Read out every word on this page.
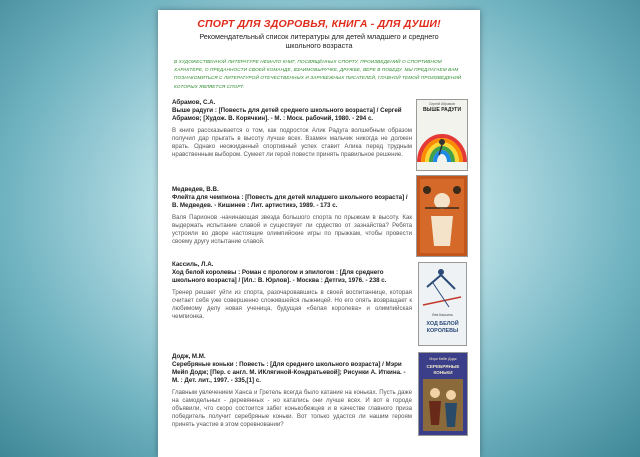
СПОРТ ДЛЯ ЗДОРОВЬЯ, КНИГА - ДЛЯ ДУШИ!
Рекомендательный список литературы для детей младшего и среднего школьного возраста
В ХУДОЖЕСТВЕННОЙ ЛИТЕРАТУРЕ НЕМАЛО КНИГ, ПОСВЯЩЁННЫХ СПОРТУ, ПРОИЗВЕДЕНИЙ О СПОРТИВНОМ ХАРАКТЕРЕ, О ПРЕДАННОСТИ СВОЕЙ КОМАНДЕ, ВЗАИМОВЫРУЧКЕ, ДРУЖБЕ, ВЕРЕ В ПОБЕДУ. МЫ ПРЕДЛАГАЕМ ВАМ ПОЗНАКОМИТЬСЯ С ЛИТЕРАТУРОЙ ОТЕЧЕСТВЕННЫХ И ЗАРУБЕЖНЫХ ПИСАТЕЛЕЙ, ГЛАВНОЙ ТЕМОЙ ПРОИЗВЕДЕНИЙ КОТОРЫХ ЯВЛЯЕТСЯ СПОРТ.
Абрамов, С.А.
Выше радуги : [Повесть для детей среднего школьного возраста] / Сергей Абрамов; [Худож. В. Корячкин]. - М. : Моск. рабочий, 1980. - 294 с.
В книге рассказывается о том, как подросток Алик Радуга волшебным образом получил дар прыгать в высоту лучше всех. Взамен мальчик никогда не должен врать. Однако неожиданный спортивный успех ставит Алика перед трудным нравственным выбором. Сумеет ли герой повести принять правильное решение.
ВЫШЕ РАДУГИ
Сергей Абрамов
Медведев, В.В.
Флейта для чемпиона : [Повесть для детей младшего школьного возраста] / В. Медведев. - Кишинев : Лит. артистикэ, 1989. - 173 с.
Валя Парионов -начинающая звезда большого спорта по прыжкам в высоту. Как выдержать испытание славой и существует ли срдество от зазнайства? Ребята устроили во дворе настоящие олимпийские игры по прыжкам, чтобы провести своему другу испытание славой.
Кассиль, Л.А.
Ход белой королевы : Роман с прологом и эпилогом : [Для среднего школьного возраста] / [Ил.: В. Юрлов]. - Москва : Детгиз, 1976. - 238 с.
Тренер решает уйти из спорта, разочаровавшись в своей воспитаннице, которая считает себя уже совершенно сложившейся лыжницей. Но его опять возвращает к любимому делу новая ученица, будущая «белая королева» и олимпийская чемпионка.	Лев Кассиль
ХОД БЕЛОЙ КОРОЛЕВЫ
Додж, М.М.
Серебряные коньки : Повесть : [Для среднего школьного возраста] / Мэри Мейп Додж; [Пер. с англ. М. ИКлягиной-Кондратьевой]; Рисунки А. Иткина. - М. : Дет. лит., 1997. - 335,[1] с.
Главным увлечением Ханса и Гретель всегда было катание на коньках. Пусть даже на самодельных - деревянных - но катались они лучше всех. И вот в городе объявили, что скоро состоится забег конькобежцев и в качестве главного приза победитель получит серебряные коньки. Вот только удастся ли нашим героям принять участие в этом соревновании?
Мэри Мейп Додж
СЕРЕБРЯНЫЕ КОНЬКИ
